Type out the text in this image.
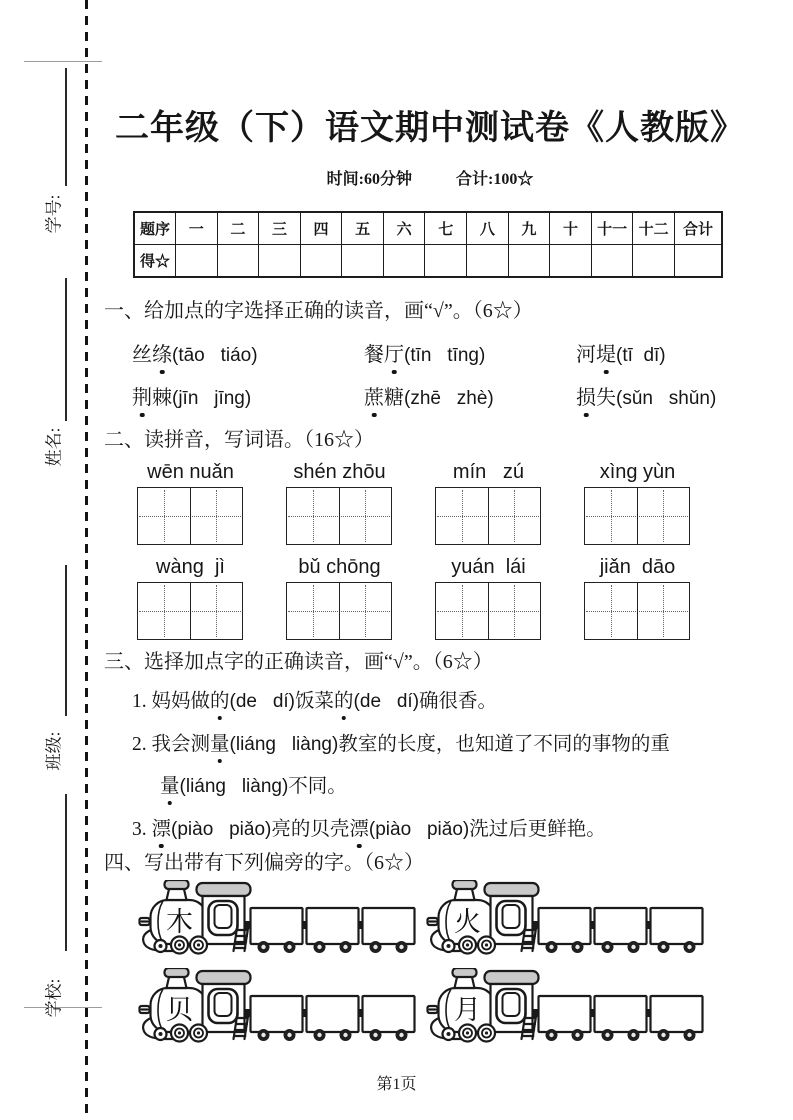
学号:
姓名:
班级:
学校:
二年级（下）语文期中测试卷《人教版》
时间:60分钟	合计:100☆
题序	一	二	三	四	五	六	七	八	九	十	十一	十二	合计
得☆													
一、给加点的字选择正确的读音，画“√”。（6☆）
丝绦(tāo   tiáo)	餐厅(tīn   tīng)	河堤(tī  dī)
荆棘(jīn   jīng)	蔗糖(zhē   zhè)	损失(sǔn   shǔn)
二、读拼音，写词语。（16☆）
wēn nuǎn	shén zhōu	mín   zú	xìng yùn
wàng  jì	bǔ chōng	yuán  lái	jiǎn  dāo
三、选择加点字的正确读音，画“√”。（6☆）
1. 妈妈做的(de   dí)饭菜的(de   dí)确很香。
2. 我会测量(liáng   liàng)教室的长度，也知道了不同的事物的重
量(liáng   liàng)不同。
3. 漂(piào   piǎo)亮的贝壳漂(piào   piǎo)洗过后更鲜艳。
四、写出带有下列偏旁的字。（6☆）
木	火
贝	月
第1页
